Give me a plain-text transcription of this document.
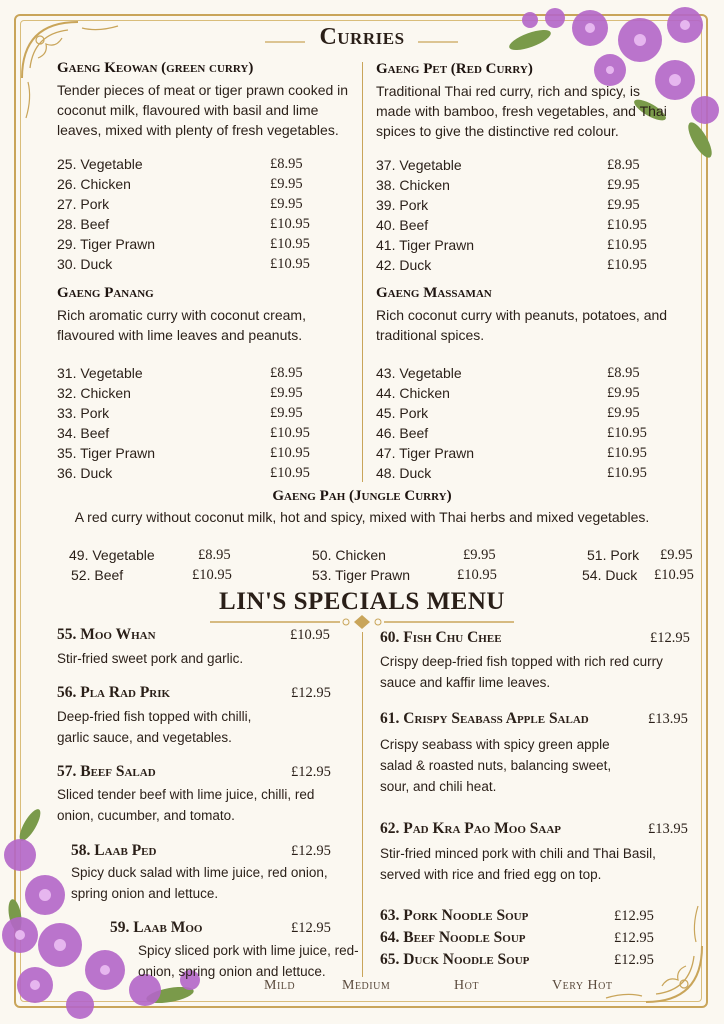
Curries
Gaeng Keowan (green curry)
Tender pieces of meat or tiger prawn cooked in coconut milk, flavoured with basil and lime leaves, mixed with plenty of fresh vegetables.
25. Vegetable	£8.95
26. Chicken	£9.95
27. Pork	£9.95
28. Beef	£10.95
29. Tiger Prawn	£10.95
30. Duck	£10.95
Gaeng Pet (Red Curry)
Traditional Thai red curry, rich and spicy, is made with bamboo, fresh vegetables, and Thai spices to give the distinctive red colour.
37. Vegetable	£8.95
38. Chicken	£9.95
39. Pork	£9.95
40. Beef	£10.95
41. Tiger Prawn	£10.95
42. Duck	£10.95
Gaeng Panang
Rich aromatic curry with coconut cream, flavoured with lime leaves and peanuts.
31. Vegetable	£8.95
32. Chicken	£9.95
33. Pork	£9.95
34. Beef	£10.95
35. Tiger Prawn	£10.95
36. Duck	£10.95
Gaeng Massaman
Rich coconut curry with peanuts, potatoes, and traditional spices.
43. Vegetable	£8.95
44. Chicken	£9.95
45. Pork	£9.95
46. Beef	£10.95
47. Tiger Prawn	£10.95
48. Duck	£10.95
Gaeng Pah (Jungle Curry)
A red curry without coconut milk, hot and spicy, mixed with Thai herbs and mixed vegetables.
49. Vegetable	£8.95	50. Chicken	£9.95	51. Pork £9.95
52. Beef	£10.95	53. Tiger Prawn	£10.95	54. Duck £10.95
LIN'S SPECIALS MENU
55. Moo Whan	£10.95
Stir-fried sweet pork and garlic.
56. Pla Rad Prik	£12.95
Deep-fried fish topped with chilli, garlic sauce, and vegetables.
57. Beef Salad	£12.95
Sliced tender beef with lime juice, chilli, red onion, cucumber, and tomato.
58. Laab Ped	£12.95
Spicy duck salad with lime juice, red onion, spring onion and lettuce.
59. Laab Moo	£12.95
Spicy sliced pork with lime juice, red-onion, spring onion and lettuce.
60. Fish Chu Chee	£12.95
Crispy deep-fried fish topped with rich red curry sauce and kaffir lime leaves.
61. Crispy Seabass Apple Salad	£13.95
Crispy seabass with spicy green apple salad & roasted nuts, balancing sweet, sour, and chili heat.
62. Pad Kra Pao Moo Saap	£13.95
Stir-fried minced pork with chili and Thai Basil, served with rice and fried egg on top.
63. Pork Noodle Soup	£12.95
64. Beef Noodle Soup	£12.95
65. Duck Noodle Soup	£12.95
Mild	Medium	Hot	Very Hot
